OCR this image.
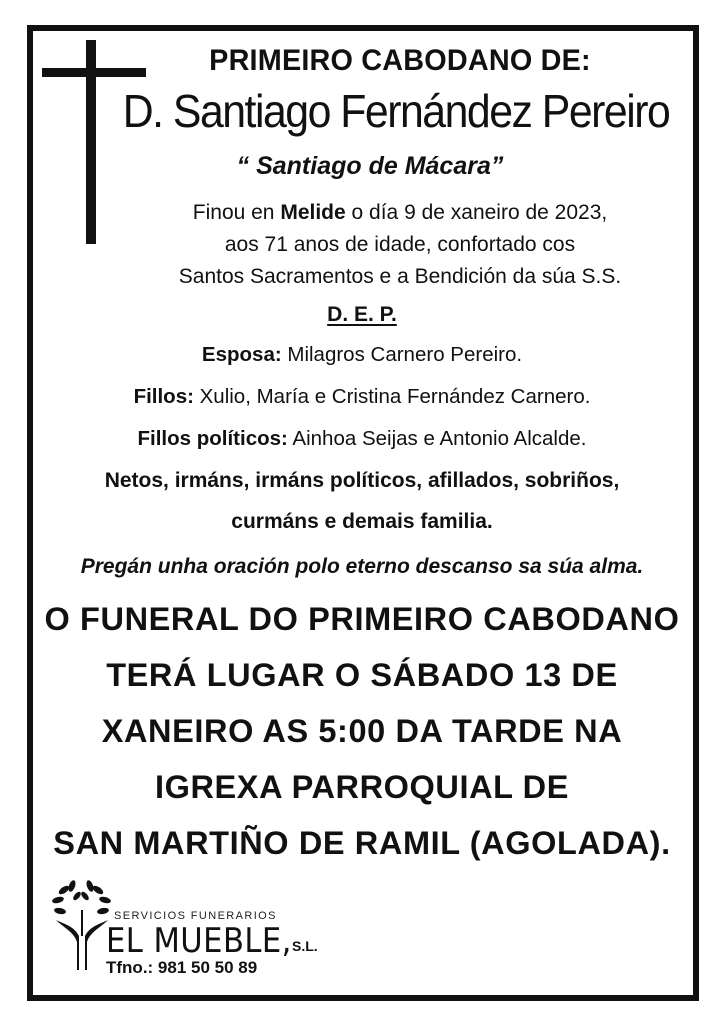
PRIMEIRO CABODANO DE:
D. Santiago Fernández Pereiro
“ Santiago de Mácara”
Finou en Melide o día 9 de xaneiro de 2023,
aos 71 anos de idade, confortado cos
Santos Sacramentos e a Bendición da súa S.S.
D. E. P.
Esposa: Milagros Carnero Pereiro.
Fillos: Xulio, María e Cristina Fernández Carnero.
Fillos políticos: Ainhoa Seijas e Antonio Alcalde.
Netos, irmáns, irmáns políticos, afillados, sobriños,
curmáns e demais familia.
Pregán unha oración polo eterno descanso sa súa alma.
O FUNERAL DO PRIMEIRO CABODANO
TERÁ LUGAR O SÁBADO 13 DE
XANEIRO AS 5:00 DA TARDE NA
IGREXA PARROQUIAL DE
SAN MARTIÑO DE RAMIL (AGOLADA).
SERVICIOS FUNERARIOS
EL MUEBLE, S.L.
Tfno.: 981 50 50 89
